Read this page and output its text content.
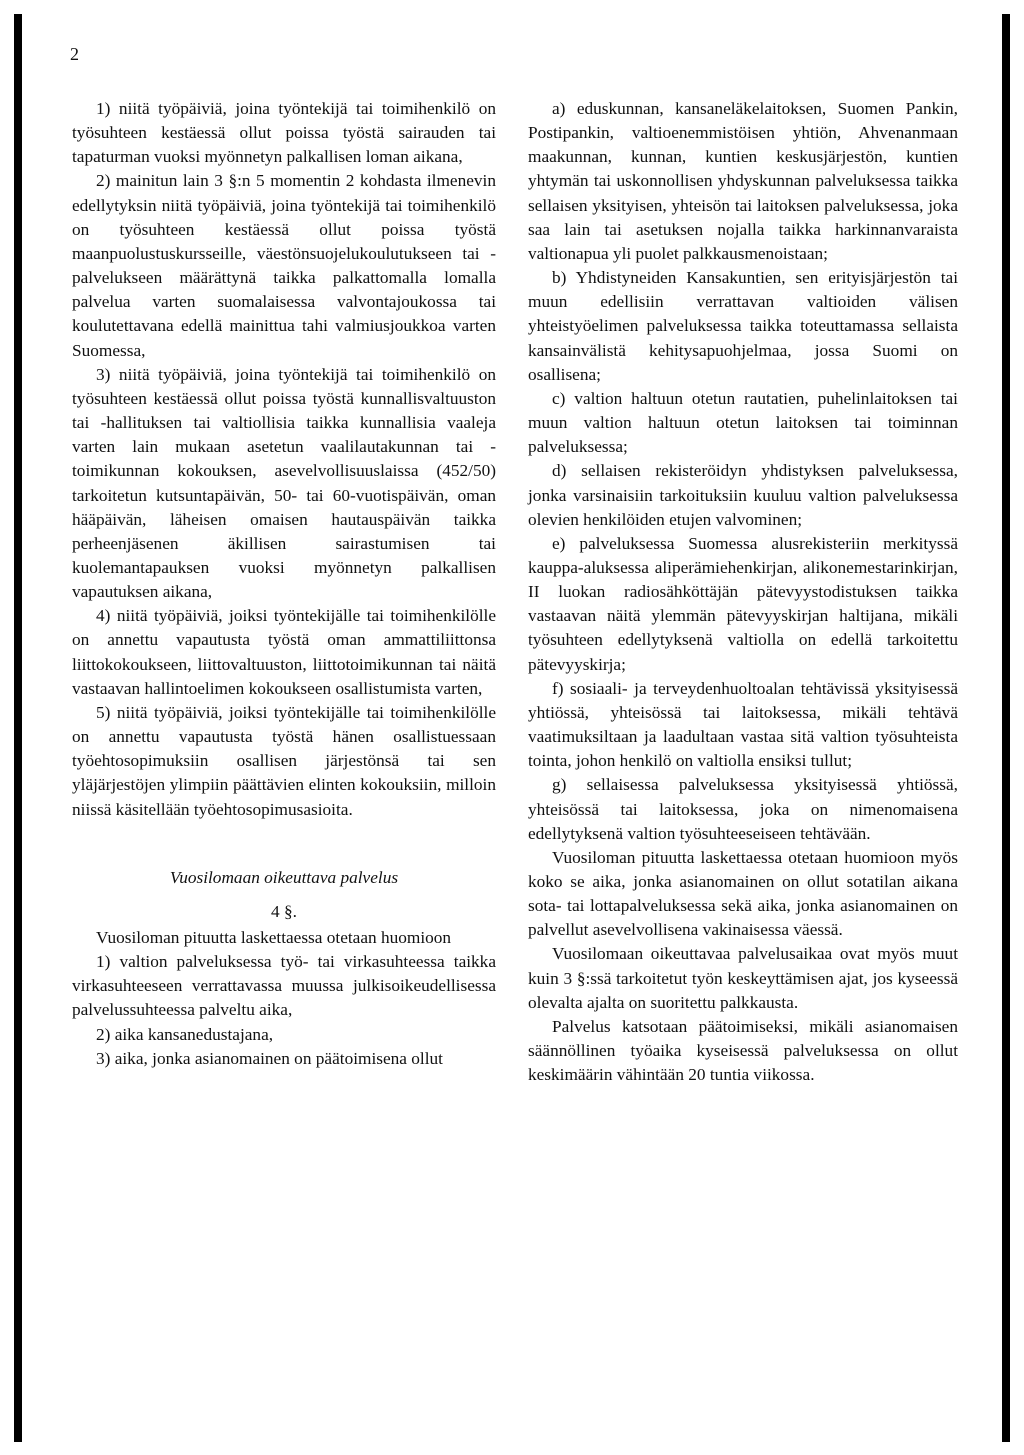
2

1) niitä työpäiviä, joina työntekijä tai toimihenkilö on työsuhteen kestäessä ollut poissa työstä sairauden tai tapaturman vuoksi myönnetyn palkallisen loman aikana,

2) mainitun lain 3 §:n 5 momentin 2 kohdasta ilmenevin edellytyksin niitä työpäiviä, joina työntekijä tai toimihenkilö on työsuhteen kestäessä ollut poissa työstä maanpuolustuskursseille, väestönsuojelukoulutukseen tai -palvelukseen määrättynä taikka palkattomalla lomalla palvelua varten suomalaisessa valvontajoukossa tai koulutettavana edellä mainittua tahi valmiusjoukkoa varten Suomessa,

3) niitä työpäiviä, joina työntekijä tai toimihenkilö on työsuhteen kestäessä ollut poissa työstä kunnallisvaltuuston tai -hallituksen tai valtiollisia taikka kunnallisia vaaleja varten lain mukaan asetetun vaalilautakunnan tai -toimikunnan kokouksen, asevelvollisuuslaissa (452/50) tarkoitetun kutsuntapäivän, 50- tai 60-vuotispäivän, oman hääpäivän, läheisen omaisen hautauspäivän taikka perheenjäsenen äkillisen sairastumisen tai kuolemantapauksen vuoksi myönnetyn palkallisen vapautuksen aikana,

4) niitä työpäiviä, joiksi työntekijälle tai toimihenkilölle on annettu vapautusta työstä oman ammattiliittonsa liittokokoukseen, liittovaltuuston, liittotoimikunnan tai näitä vastaavan hallintoelimen kokoukseen osallistumista varten,

5) niitä työpäiviä, joiksi työntekijälle tai toimihenkilölle on annettu vapautusta työstä hänen osallistuessaan työehtosopimuksiin osallisen järjestönsä tai sen yläjärjestöjen ylimpiin päättävien elinten kokouksiin, milloin niissä käsitellään työehtosopimusasioita.

Vuosilomaan oikeuttava palvelus
4 §.

Vuosiloman pituutta laskettaessa otetaan huomioon

1) valtion palveluksessa työ- tai virkasuhteessa taikka virkasuhteeseen verrattavassa muussa julkisoikeudellisessa palvelussuhteessa palveltu aika,

2) aika kansanedustajana,

3) aika, jonka asianomainen on päätoimisena ollut

a) eduskunnan, kansaneläkelaitoksen, Suomen Pankin, Postipankin, valtioenemmistöisen yhtiön, Ahvenanmaan maakunnan, kunnan, kuntien keskusjärjestön, kuntien yhtymän tai uskonnollisen yhdyskunnan palveluksessa taikka sellaisen yksityisen, yhteisön tai laitoksen palveluksessa, joka saa lain tai asetuksen nojalla taikka harkinnanvaraista valtionapua yli puolet palkkausmenoistaan;

b) Yhdistyneiden Kansakuntien, sen erityisjärjestön tai muun edellisiin verrattavan valtioiden välisen yhteistyöelimen palveluksessa taikka toteuttamassa sellaista kansainvälistä kehitysapuohjelmaa, jossa Suomi on osallisena;

c) valtion haltuun otetun rautatien, puhelinlaitoksen tai muun valtion haltuun otetun laitoksen tai toiminnan palveluksessa;

d) sellaisen rekisteröidyn yhdistyksen palveluksessa, jonka varsinaisiin tarkoituksiin kuuluu valtion palveluksessa olevien henkilöiden etujen valvominen;

e) palveluksessa Suomessa alusrekisteriin merkityssä kauppa-aluksessa aliperämiehenkirjan, alikonemestarinkirjan, II luokan radiosähköttäjän pätevyystodistuksen taikka vastaavan näitä ylemmän pätevyyskirjan haltijana, mikäli työsuhteen edellytyksenä valtiolla on edellä tarkoitettu pätevyyskirja;

f) sosiaali- ja terveydenhuoltoalan tehtävissä yksityisessä yhtiössä, yhteisössä tai laitoksessa, mikäli tehtävä vaatimuksiltaan ja laadultaan vastaa sitä valtion työsuhteista tointa, johon henkilö on valtiolla ensiksi tullut;

g) sellaisessa palveluksessa yksityisessä yhtiössä, yhteisössä tai laitoksessa, joka on nimenomaisena edellytyksenä valtion työsuhteeseiseen tehtävään.

Vuosiloman pituutta laskettaessa otetaan huomioon myös koko se aika, jonka asianomainen on ollut sotatilan aikana sota- tai lottapalveluksessa sekä aika, jonka asianomainen on palvellut asevelvollisena vakinaisessa väessä.

Vuosilomaan oikeuttavaa palvelusaikaa ovat myös muut kuin 3 §:ssä tarkoitetut työn keskeyttämisen ajat, jos kyseessä olevalta ajalta on suoritettu palkkausta.

Palvelus katsotaan päätoimiseksi, mikäli asianomaisen säännöllinen työaika kyseisessä palveluksessa on ollut keskimäärin vähintään 20 tuntia viikossa.
